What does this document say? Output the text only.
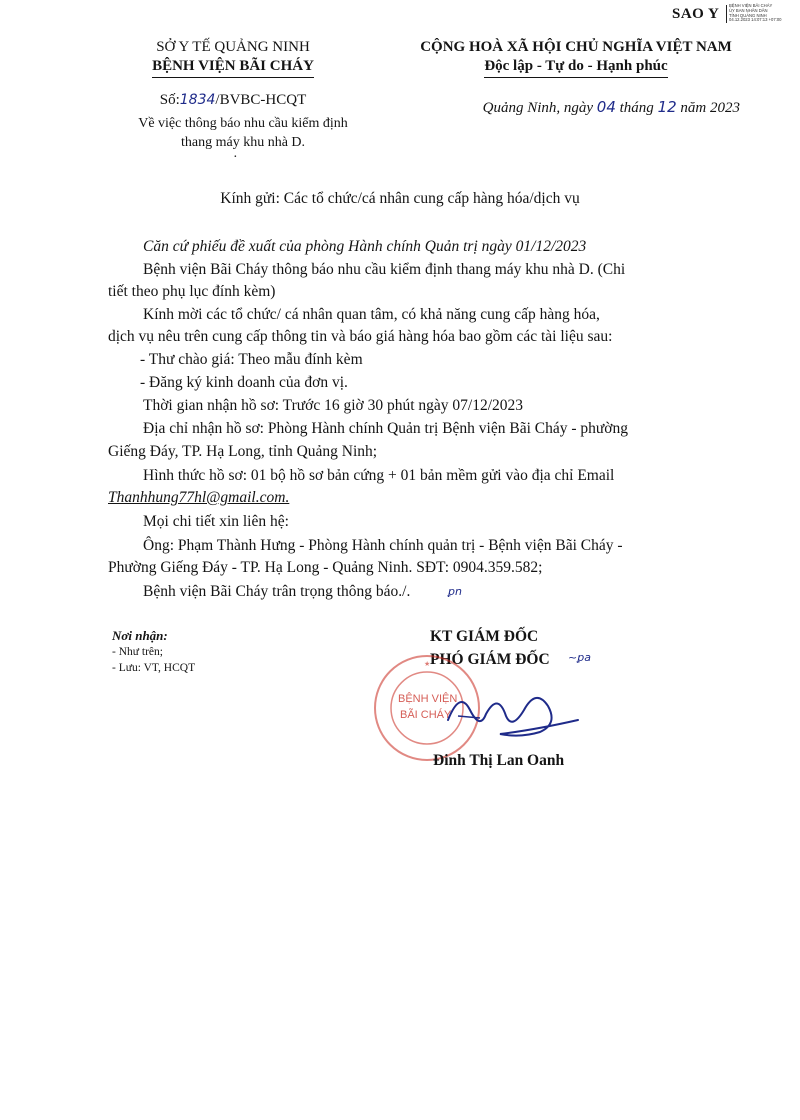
SAO Y
BỆNH VIỆN BÃI CHÁY
ỦY BAN NHÂN DÂN
TỈNH QUẢNG NINH
04.12.2023 14:07:13 +07:00
SỞ Y TẾ QUẢNG NINH
BỆNH VIỆN BÃI CHÁY
CỘNG HOÀ XÃ HỘI CHỦ NGHĨA VIỆT NAM
Độc lập - Tự do - Hạnh phúc
Số:1834/BVBC-HCQT
Về việc thông báo nhu cầu kiểm định
thang máy khu nhà D.
·
Quảng Ninh, ngày 04 tháng 12 năm 2023
Kính gửi: Các tổ chức/cá nhân cung cấp hàng hóa/dịch vụ
Căn cứ phiếu đề xuất của phòng Hành chính Quản trị ngày 01/12/2023
Bệnh viện Bãi Cháy thông báo nhu cầu kiểm định thang máy khu nhà D. (Chi
tiết theo phụ lục đính kèm)
Kính mời các tổ chức/ cá nhân quan tâm, có khả năng cung cấp hàng hóa,
dịch vụ nêu trên cung cấp thông tin và báo giá hàng hóa bao gồm các tài liệu sau:
- Thư chào giá: Theo mẫu đính kèm
- Đăng ký kinh doanh của đơn vị.
Thời gian nhận hồ sơ: Trước 16 giờ 30 phút ngày 07/12/2023
Địa chỉ nhận hồ sơ: Phòng Hành chính Quản trị Bệnh viện Bãi Cháy - phường
Giếng Đáy, TP. Hạ Long, tỉnh Quảng Ninh;
Hình thức hồ sơ: 01 bộ hồ sơ bản cứng + 01 bản mềm gửi vào địa chỉ Email
Thanhhung77hl@gmail.com.
Mọi chi tiết xin liên hệ:
Ông: Phạm Thành Hưng - Phòng Hành chính quản trị - Bệnh viện Bãi Cháy -
Phường Giếng Đáy - TP. Hạ Long - Quảng Ninh. SĐT: 0904.359.582;
Bệnh viện Bãi Cháy trân trọng thông báo./.	ꝑn
Nơi nhận:
- Như trên;
- Lưu: VT, HCQT
KT GIÁM ĐỐC
PHÓ GIÁM ĐỐC ~ꝑa
BỆNH VIỆN
BÃI CHÁY
★
Đinh Thị Lan Oanh
